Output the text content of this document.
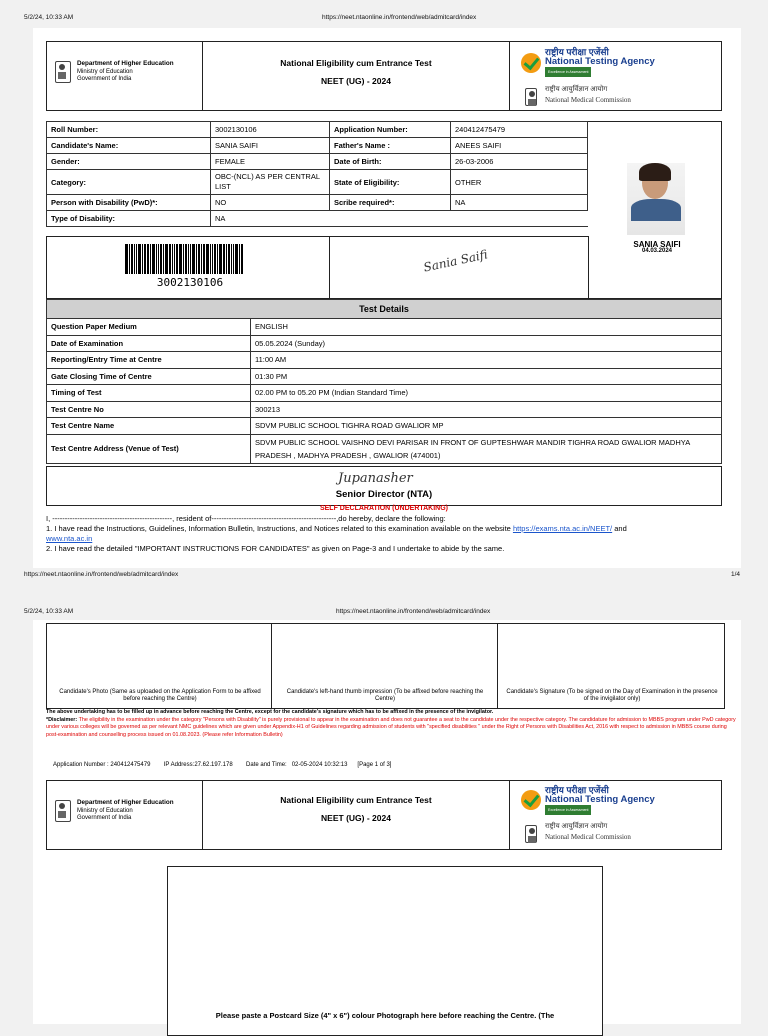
5/2/24, 10:33 AM	https://neet.ntaonline.in/frontend/web/admitcard/index
Department of Higher Education
Ministry of Education
Government of India
National Eligibility cum Entrance Test
NEET (UG) - 2024
राष्ट्रीय परीक्षा एजेंसी
National Testing Agency
Excellence in Assessment
राष्ट्रीय आयुर्विज्ञान आयोग
National Medical Commission
Roll Number:	3002130106	Application Number:	240412475479
Candidate's Name:	SANIA SAIFI	Father's Name :	ANEES SAIFI
Gender:	FEMALE	Date of Birth:	26-03-2006
Category:	OBC-(NCL) AS PER CENTRAL LIST	State of Eligibility:	OTHER
Person with Disability (PwD)*:	NO	Scribe required*:	NA
Type of Disability:	NA		
3002130106
Sania Saifi
SANIA SAIFI
04.03.2024
Test Details
Question Paper Medium	ENGLISH
Date of Examination	05.05.2024 (Sunday)
Reporting/Entry Time at Centre	11:00 AM
Gate Closing Time of Centre	01:30 PM
Timing of Test	02.00 PM to 05.20 PM (Indian Standard Time)
Test Centre No	300213
Test Centre Name	SDVM PUBLIC SCHOOL TIGHRA ROAD GWALIOR MP
Test Centre Address (Venue of Test)	SDVM PUBLIC SCHOOL VAISHNO DEVI PARISAR IN FRONT OF GUPTESHWAR MANDIR TIGHRA ROAD GWALIOR MADHYA PRADESH , MADHYA PRADESH , GWALIOR (474001)
Jupanasher
Senior Director (NTA)
SELF DECLARATION (UNDERTAKING)
I, ------------------------------------------------, resident of--------------------------------------------------,do hereby, declare the following:
1. I have read the Instructions, Guidelines, Information Bulletin, Instructions, and Notices related to this examination available on the website https://exams.nta.ac.in/NEET/ and
www.nta.ac.in
2. I have read the detailed "IMPORTANT INSTRUCTIONS FOR CANDIDATES" as given on Page-3 and I undertake to abide by the same.
https://neet.ntaonline.in/frontend/web/admitcard/index	1/4
5/2/24, 10:33 AM	https://neet.ntaonline.in/frontend/web/admitcard/index
Candidate's Photo (Same as uploaded on the Application Form to be affixed before reaching the Centre)
Candidate's left-hand thumb impression (To be affixed before reaching the Centre)
Candidate's Signature (To be signed on the Day of Examination in the presence of the invigilator only)
The above undertaking has to be filled up in advance before reaching the Centre, except for the candidate's signature which has to be affixed in the presence of the invigilator.
*Disclaimer: The eligibility in the examination under the category "Persons with Disability" is purely provisional to appear in the examination and does not guarantee a seat to the candidate under the respective category. The candidature for admission to MBBS program under PwD category under various colleges will be governed as per relevant NMC guidelines which are given under Appendix-H1 of Guidelines regarding admission of students with "specified disabilities " under the Right of Persons with Disabilities Act, 2016 with respect to admission in MBBS course during post-examination and counselling process issued on 01.08.2023. (Please refer Information Bulletin)
Application Number : 240412475479        IP Address:27.62.197.178        Date and Time:   02-05-2024 10:32:13      [Page 1 of 3]
Department of Higher Education
Ministry of Education
Government of India
National Eligibility cum Entrance Test
NEET (UG) - 2024
राष्ट्रीय परीक्षा एजेंसी
National Testing Agency
Excellence in Assessment
राष्ट्रीय आयुर्विज्ञान आयोग
National Medical Commission
Please paste a Postcard Size (4" x 6") colour Photograph here before reaching the Centre. (The
